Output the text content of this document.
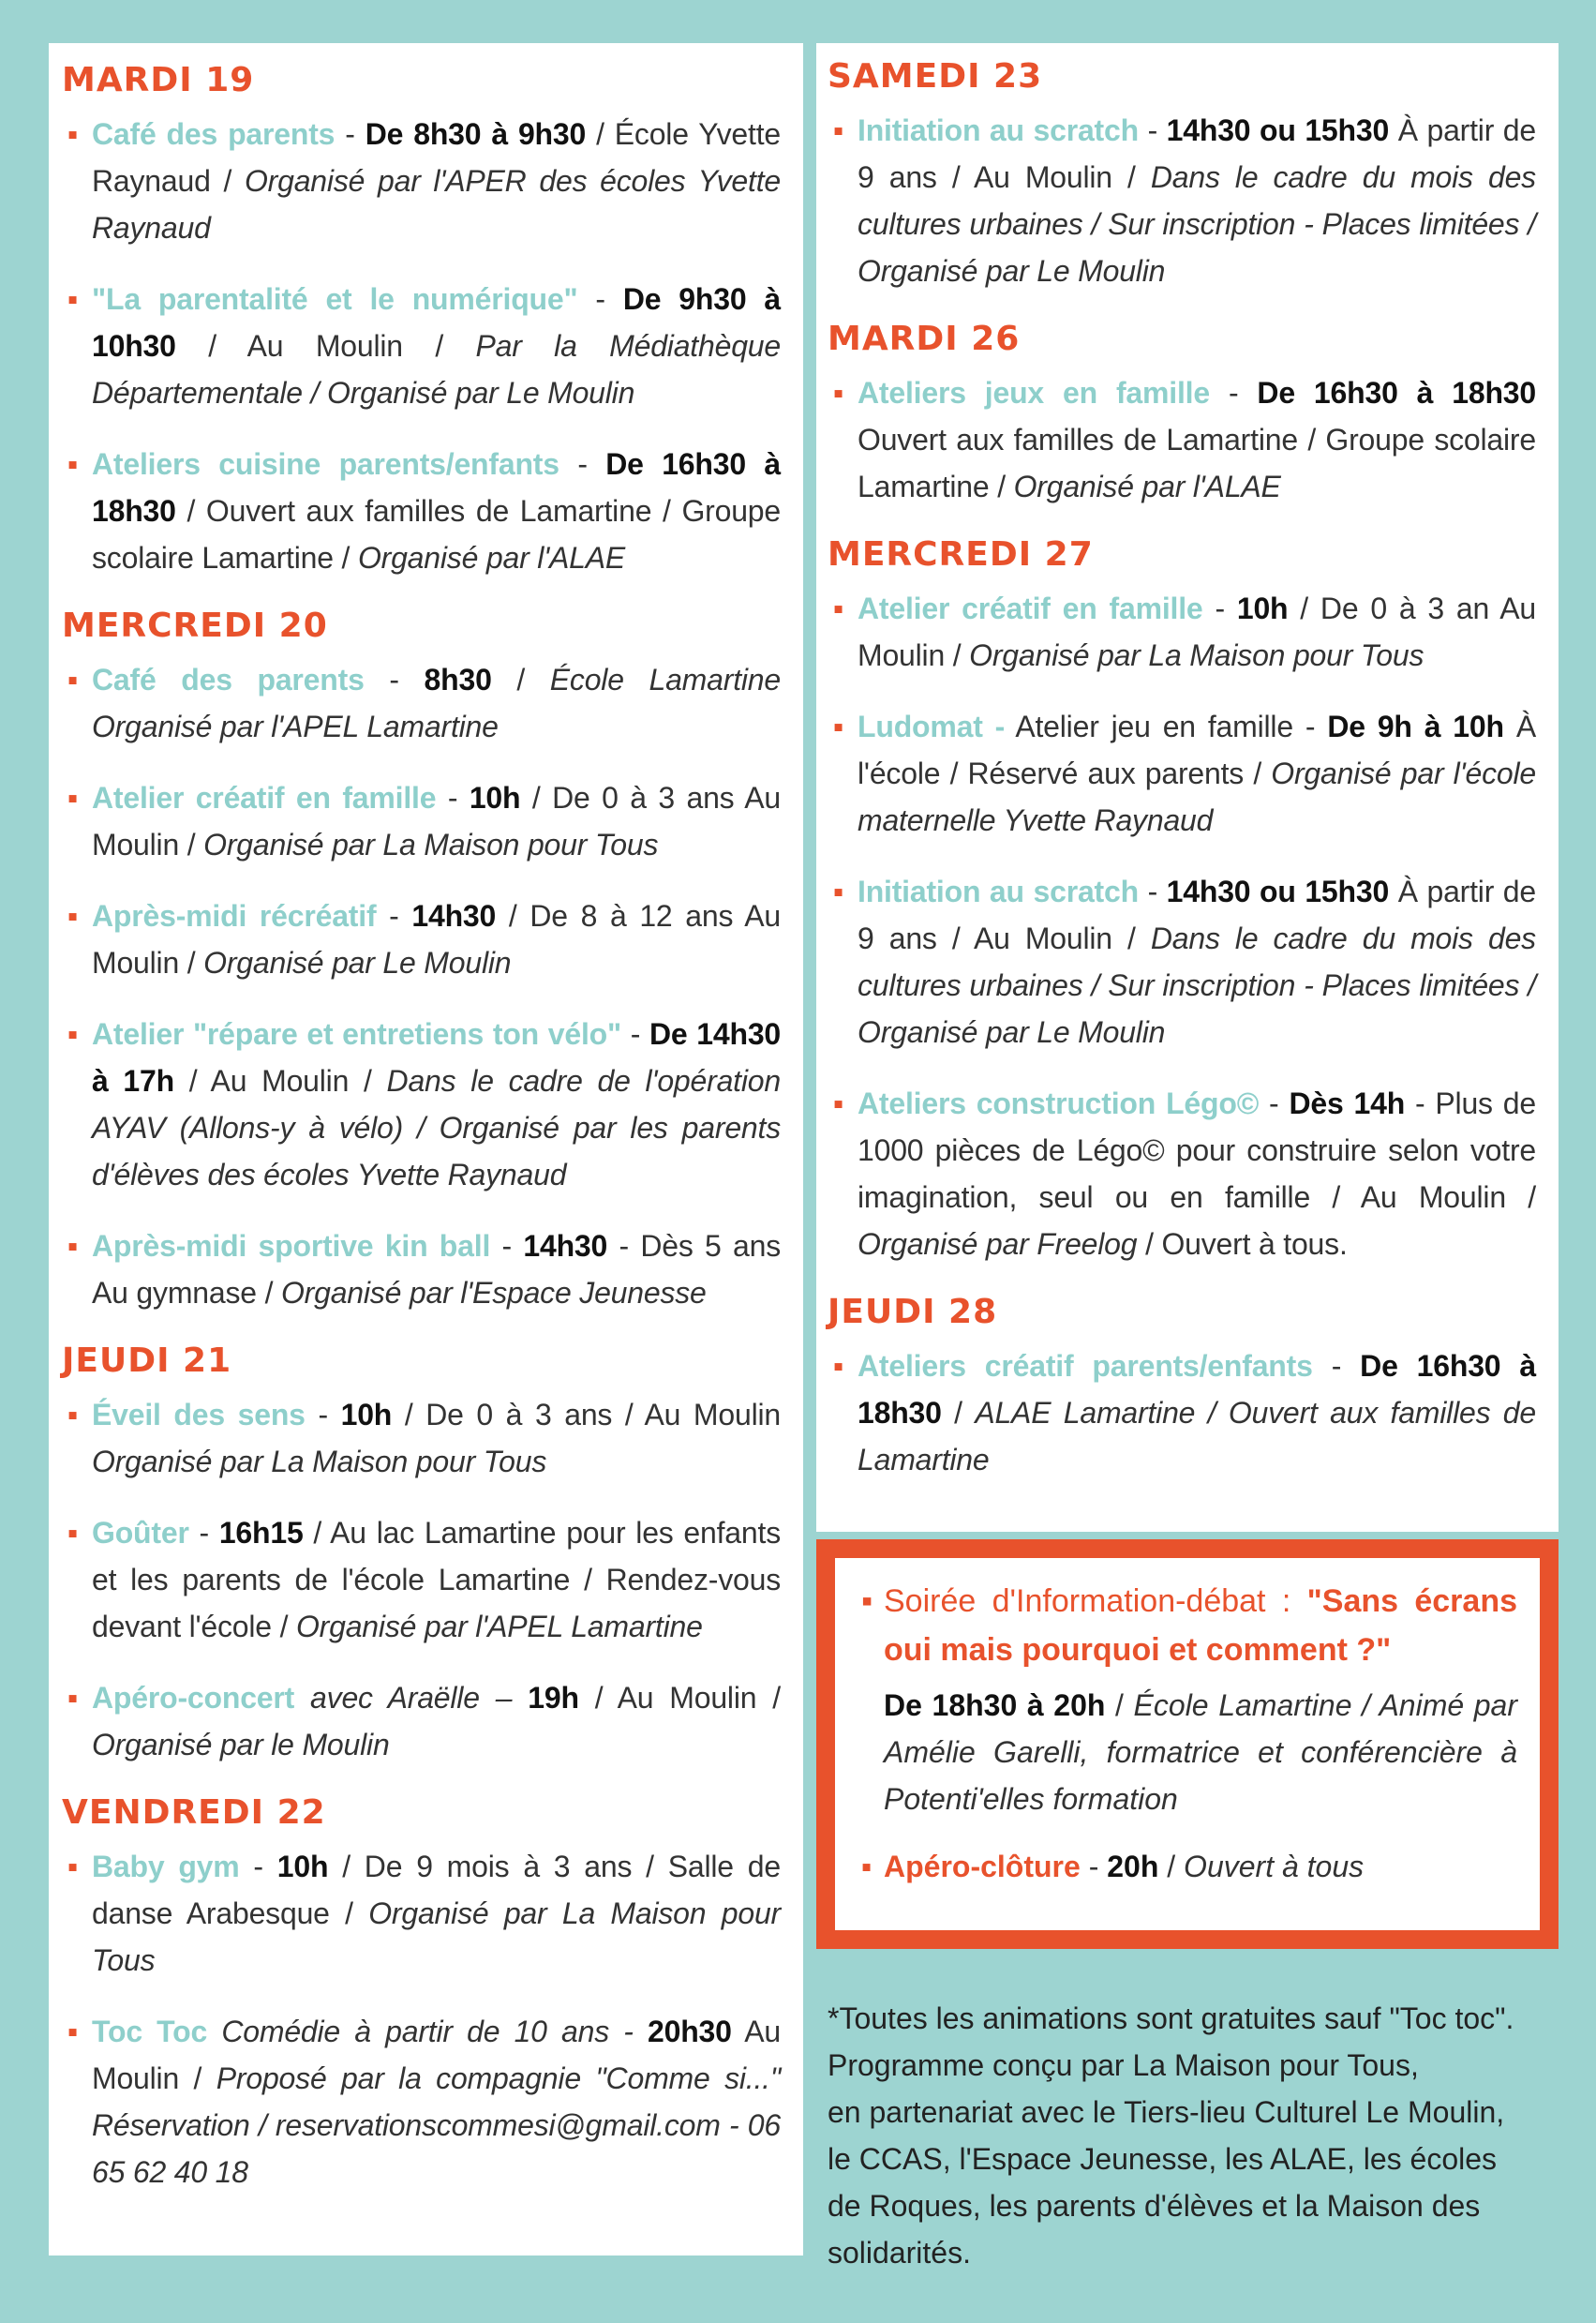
MARDI 19
▪ Café des parents - De 8h30 à 9h30 / École Yvette Raynaud / Organisé par l'APER des écoles Yvette Raynaud
▪ "La parentalité et le numérique" - De 9h30 à 10h30 / Au Moulin / Par la Médiathèque Départementale / Organisé par Le Moulin
▪ Ateliers cuisine parents/enfants - De 16h30 à 18h30 / Ouvert aux familles de Lamartine / Groupe scolaire Lamartine / Organisé par l'ALAE
MERCREDI 20
▪ Café des parents - 8h30 / École Lamartine Organisé par l'APEL Lamartine
▪ Atelier créatif en famille - 10h / De 0 à 3 ans Au Moulin / Organisé par La Maison pour Tous
▪ Après-midi récréatif - 14h30 / De 8 à 12 ans Au Moulin / Organisé par Le Moulin
▪ Atelier "répare et entretiens ton vélo" - De 14h30 à 17h / Au Moulin / Dans le cadre de l'opération AYAV (Allons-y à vélo) / Organisé par les parents d'élèves des écoles Yvette Raynaud
▪ Après-midi sportive kin ball - 14h30 - Dès 5 ans Au gymnase / Organisé par l'Espace Jeunesse
JEUDI 21
▪ Éveil des sens - 10h / De 0 à 3 ans / Au Moulin Organisé par La Maison pour Tous
▪ Goûter - 16h15 / Au lac Lamartine pour les enfants et les parents de l'école Lamartine / Rendez-vous devant l'école / Organisé par l'APEL Lamartine
▪ Apéro-concert avec Araëlle – 19h / Au Moulin / Organisé par le Moulin
VENDREDI 22
▪ Baby gym - 10h / De 9 mois à 3 ans / Salle de danse Arabesque / Organisé par La Maison pour Tous
▪ Toc Toc Comédie à partir de 10 ans - 20h30 Au Moulin / Proposé par la compagnie "Comme si..." Réservation / reservationscommesi@gmail.com - 06 65 62 40 18
SAMEDI 23
▪ Initiation au scratch - 14h30 ou 15h30 À partir de 9 ans / Au Moulin / Dans le cadre du mois des cultures urbaines / Sur inscription - Places limitées / Organisé par Le Moulin
MARDI 26
▪ Ateliers jeux en famille - De 16h30 à 18h30 Ouvert aux familles de Lamartine / Groupe scolaire Lamartine / Organisé par l'ALAE
MERCREDI 27
▪ Atelier créatif en famille - 10h / De 0 à 3 an Au Moulin / Organisé par La Maison pour Tous
▪ Ludomat - Atelier jeu en famille - De 9h à 10h À l'école / Réservé aux parents / Organisé par l'école maternelle Yvette Raynaud
▪ Initiation au scratch - 14h30 ou 15h30 À partir de 9 ans / Au Moulin / Dans le cadre du mois des cultures urbaines / Sur inscription - Places limitées / Organisé par Le Moulin
▪ Ateliers construction Légo© - Dès 14h - Plus de 1000 pièces de Légo© pour construire selon votre imagination, seul ou en famille / Au Moulin / Organisé par Freelog / Ouvert à tous.
JEUDI 28
▪ Ateliers créatif parents/enfants - De 16h30 à 18h30 / ALAE Lamartine / Ouvert aux familles de Lamartine
▪ Soirée d'Information-débat : "Sans écrans oui mais pourquoi et comment ?"
De 18h30 à 20h / École Lamartine / Animé par Amélie Garelli, formatrice et conférencière à Potenti'elles formation
▪ Apéro-clôture - 20h / Ouvert à tous
*Toutes les animations sont gratuites sauf "Toc toc".
Programme conçu par La Maison pour Tous,
en partenariat avec le Tiers-lieu Culturel Le Moulin,
le CCAS, l'Espace Jeunesse, les ALAE, les écoles
de Roques, les parents d'élèves et la Maison des
solidarités.
